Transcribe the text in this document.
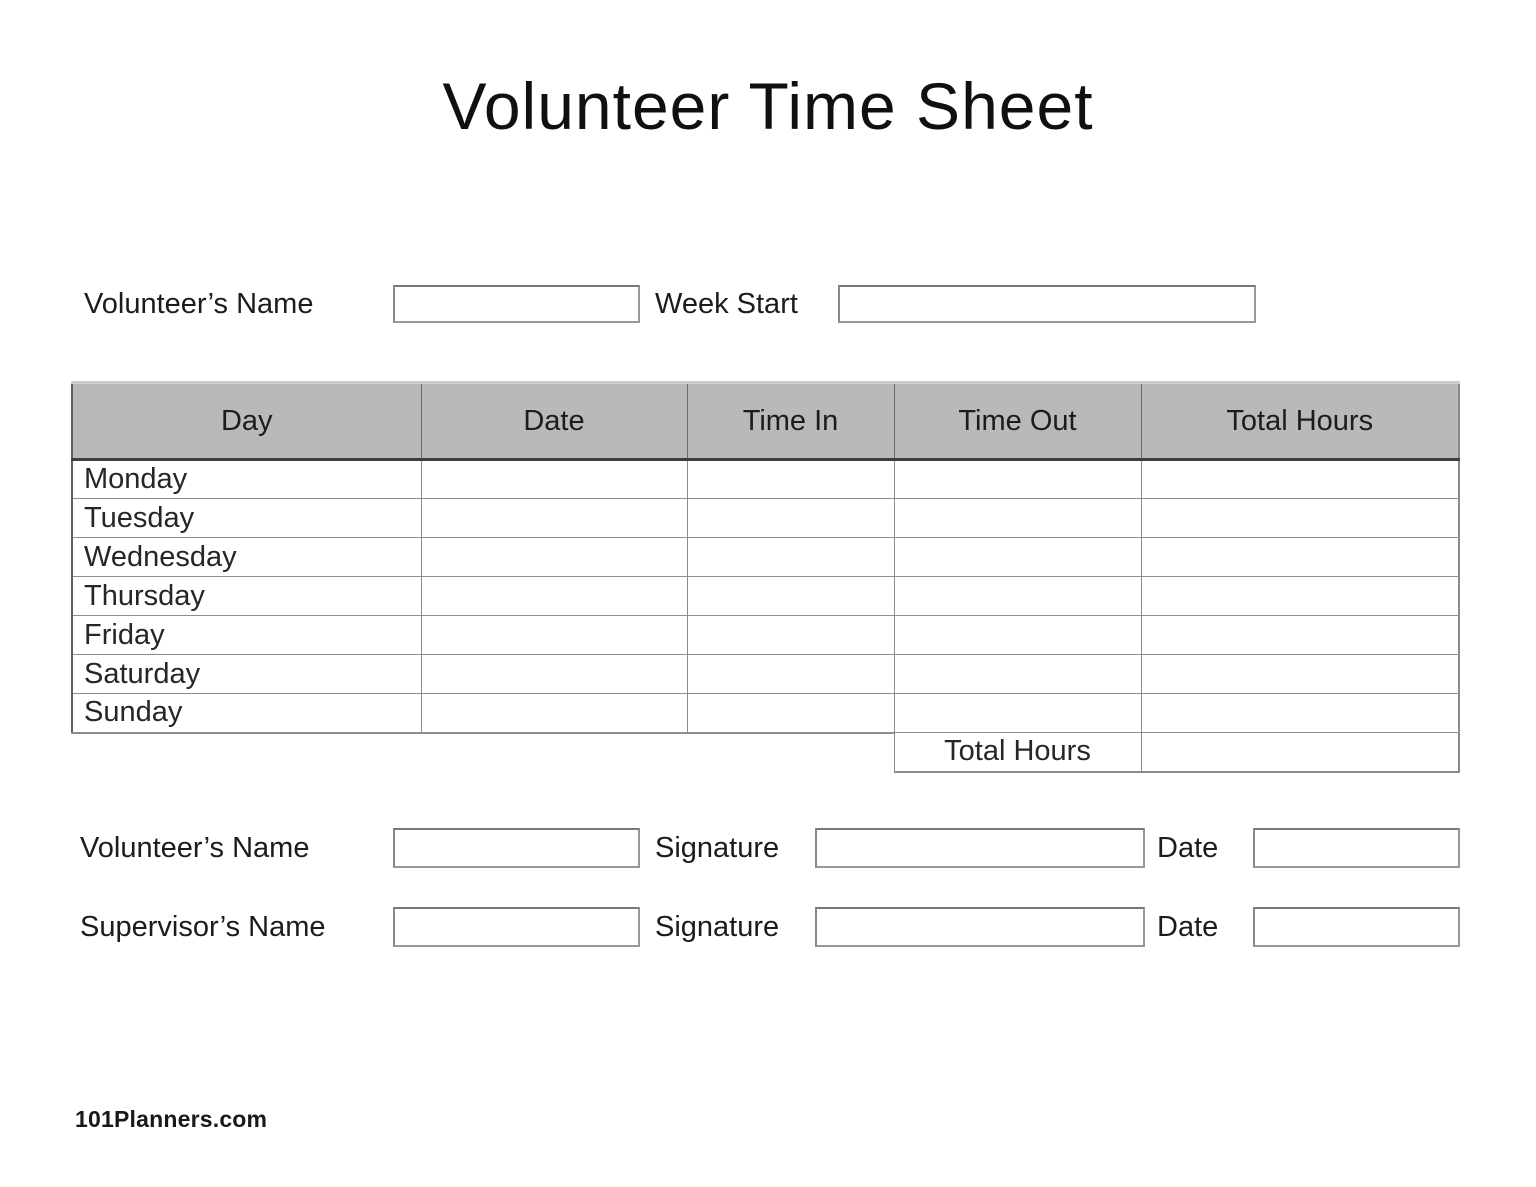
Volunteer Time Sheet
Volunteer’s Name	Week Start
Day	Date	Time In	Time Out	Total Hours
Monday				
Tuesday				
Wednesday				
Thursday				
Friday				
Saturday				
Sunday				
			Total Hours	
Volunteer’s Name	Signature	Date
Supervisor’s Name	Signature	Date
101Planners.com
